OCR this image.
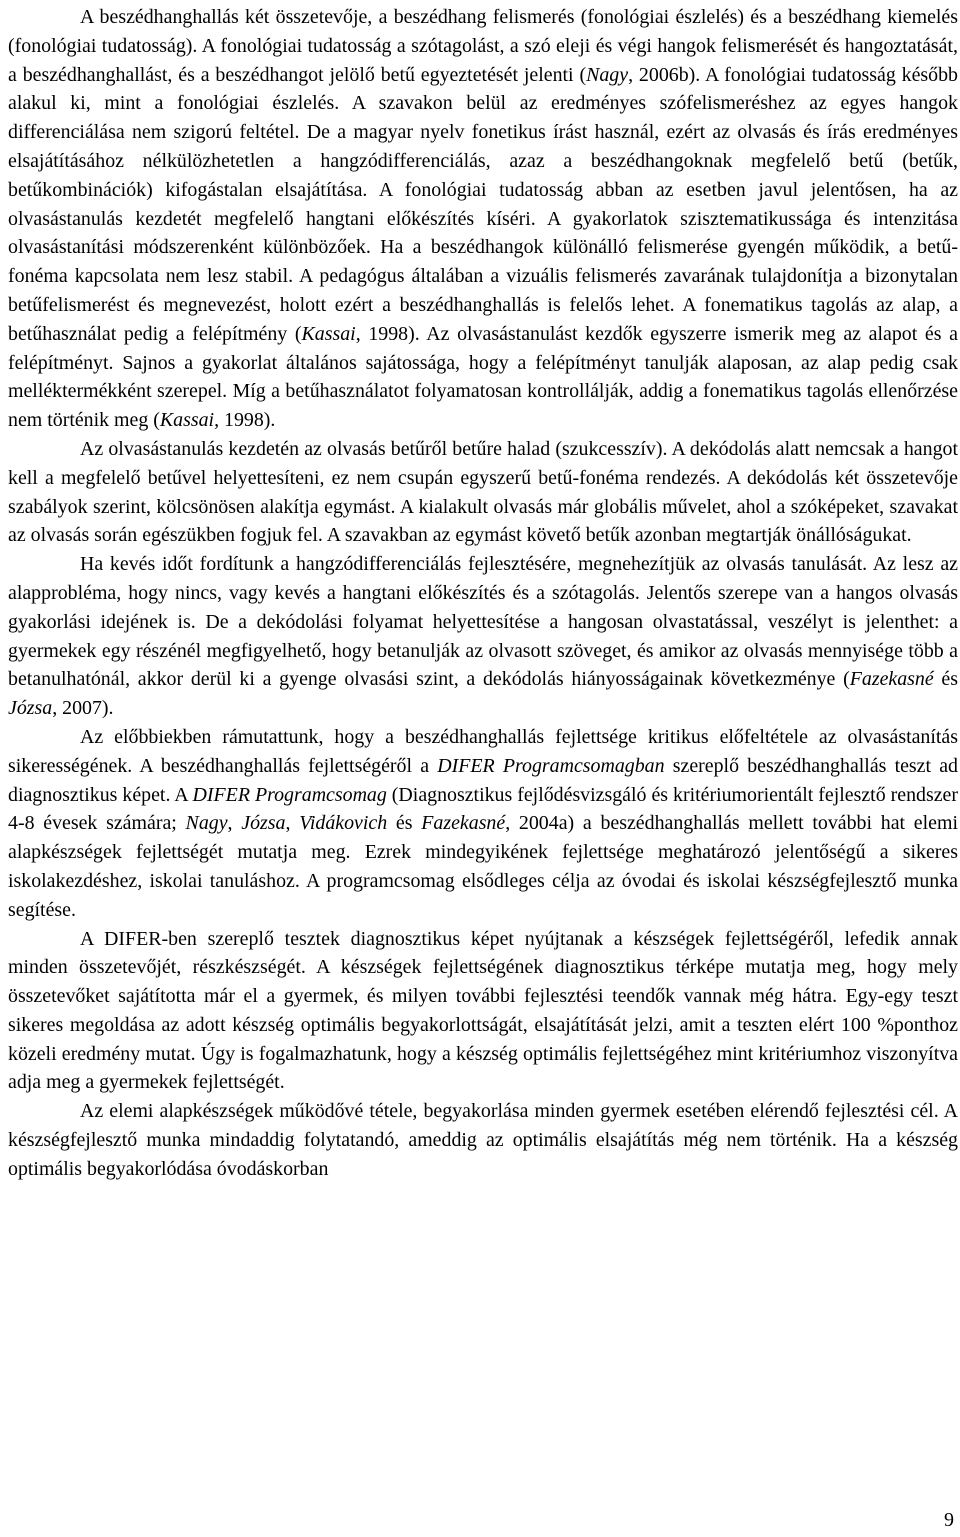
A beszédhanghallás két összetevője, a beszédhang felismerés (fonológiai észlelés) és a beszédhang kiemelés (fonológiai tudatosság). A fonológiai tudatosság a szótagolást, a szó eleji és végi hangok felismerését és hangoztatását, a beszédhanghallást, és a beszédhangot jelölő betű egyeztetését jelenti (Nagy, 2006b). A fonológiai tudatosság később alakul ki, mint a fonológiai észlelés. A szavakon belül az eredményes szófelismeréshez az egyes hangok differenciálása nem szigorú feltétel. De a magyar nyelv fonetikus írást használ, ezért az olvasás és írás eredményes elsajátításához nélkülözhetetlen a hangzódifferenciálás, azaz a beszédhangoknak megfelelő betű (betűk, betűkombinációk) kifogástalan elsajátítása. A fonológiai tudatosság abban az esetben javul jelentősen, ha az olvasástanulás kezdetét megfelelő hangtani előkészítés kíséri. A gyakorlatok szisztematikussága és intenzitása olvasástanítási módszerenként különbözőek. Ha a beszédhangok különálló felismerése gyengén működik, a betű-fonéma kapcsolata nem lesz stabil. A pedagógus általában a vizuális felismerés zavarának tulajdonítja a bizonytalan betűfelismerést és megnevezést, holott ezért a beszédhanghallás is felelős lehet. A fonematikus tagolás az alap, a betűhasználat pedig a felépítmény (Kassai, 1998). Az olvasástanulást kezdők egyszerre ismerik meg az alapot és a felépítményt. Sajnos a gyakorlat általános sajátossága, hogy a felépítményt tanulják alaposan, az alap pedig csak melléktermékként szerepel. Míg a betűhasználatot folyamatosan kontrollálják, addig a fonematikus tagolás ellenőrzése nem történik meg (Kassai, 1998).

Az olvasástanulás kezdetén az olvasás betűről betűre halad (szukcesszív). A dekódolás alatt nemcsak a hangot kell a megfelelő betűvel helyettesíteni, ez nem csupán egyszerű betű-fonéma rendezés. A dekódolás két összetevője szabályok szerint, kölcsönösen alakítja egymást. A kialakult olvasás már globális művelet, ahol a szóképeket, szavakat az olvasás során egészükben fogjuk fel. A szavakban az egymást követő betűk azonban megtartják önállóságukat.

Ha kevés időt fordítunk a hangzódifferenciálás fejlesztésére, megnehezítjük az olvasás tanulását. Az lesz az alapprobléma, hogy nincs, vagy kevés a hangtani előkészítés és a szótagolás. Jelentős szerepe van a hangos olvasás gyakorlási idejének is. De a dekódolási folyamat helyettesítése a hangosan olvastatással, veszélyt is jelenthet: a gyermekek egy részénél megfigyelhető, hogy betanulják az olvasott szöveget, és amikor az olvasás mennyisége több a betanulhatónál, akkor derül ki a gyenge olvasási szint, a dekódolás hiányosságainak következménye (Fazekasné és Józsa, 2007).

Az előbbiekben rámutattunk, hogy a beszédhanghallás fejlettsége kritikus előfeltétele az olvasástanítás sikerességének. A beszédhanghallás fejlettségéről a DIFER Programcsomagban szereplő beszédhanghallás teszt ad diagnosztikus képet. A DIFER Programcsomag (Diagnosztikus fejlődésvizsgáló és kritériumorientált fejlesztő rendszer 4-8 évesek számára; Nagy, Józsa, Vidákovich és Fazekasné, 2004a) a beszédhanghallás mellett további hat elemi alapkészségek fejlettségét mutatja meg. Ezrek mindegyikének fejlettsége meghatározó jelentőségű a sikeres iskolakezdéshez, iskolai tanuláshoz. A programcsomag elsődleges célja az óvodai és iskolai készségfejlesztő munka segítése.

A DIFER-ben szereplő tesztek diagnosztikus képet nyújtanak a készségek fejlettségéről, lefedik annak minden összetevőjét, részkészségét. A készségek fejlettségének diagnosztikus térképe mutatja meg, hogy mely összetevőket sajátította már el a gyermek, és milyen további fejlesztési teendők vannak még hátra. Egy-egy teszt sikeres megoldása az adott készség optimális begyakorlottságát, elsajátítását jelzi, amit a teszten elért 100 %ponthoz közeli eredmény mutat. Úgy is fogalmazhatunk, hogy a készség optimális fejlettségéhez mint kritériumhoz viszonyítva adja meg a gyermekek fejlettségét.

Az elemi alapkészségek működővé tétele, begyakorlása minden gyermek esetében elérendő fejlesztési cél. A készségfejlesztő munka mindaddig folytatandó, ameddig az optimális elsajátítás még nem történik. Ha a készség optimális begyakorlódása óvodáskorban

9
